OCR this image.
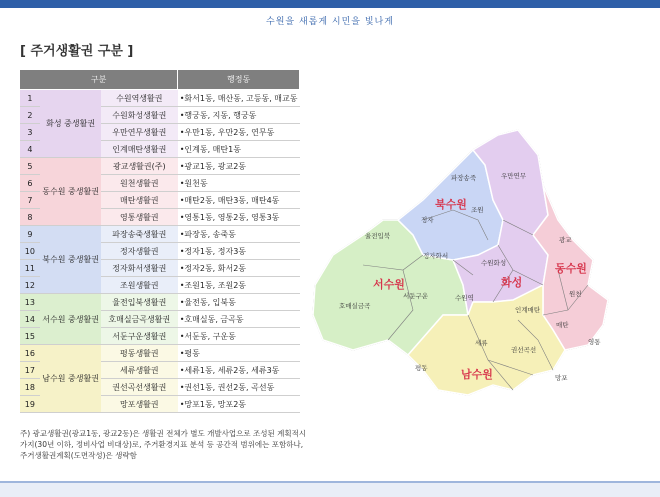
수원을 새롭게 시민을 빛나게
[ 주거생활권 구분 ]
구분			행정동
1	화성 중생활권	수원역생활권	•화서1동, 매산동, 고등동, 매교동
2		수원화성생활권	•행궁동, 지동, 행궁동
3		우만연무생활권	•우만1동, 우만2동, 연무동
4		인계매탄생활권	•인계동, 매탄1동
5	동수원 중생활권	광교생활권(주)	•광교1동, 광교2동
6		원천생활권	•원천동
7		매탄생활권	•매탄2동, 매탄3동, 매탄4동
8		영통생활권	•영통1동, 영통2동, 영통3동
9	북수원 중생활권	파장송죽생활권	•파장동, 송죽동
10		정자생활권	•정자1동, 정자3동
11		정자화서생활권	•정자2동, 화서2동
12		조원생활권	•조원1동, 조원2동
13	서수원 중생활권	율전입북생활권	•율전동, 입북동
14		호매실금곡생활권	•호매실동, 금곡동
15		서둔구운생활권	•서둔동, 구운동
16	남수원 중생활권	평동생활권	•평동
17		세류생활권	•세류1동, 세류2동, 세류3동
18		권선곡선생활권	•권선1동, 권선2동, 곡선동
19		망포생활권	•망포1동, 망포2동
북수원
화성
동수원
서수원
남수원
파장송죽	우만연무
정자
조원
율전입북
정자화서
수원화성
광교
호매실금곡
서둔구운	수원역	원천
인계매탄
매탄
영통
세류
권선곡선
평동
망포
주) 광교생활권(광교1동, 광교2동)은 생활권 전체가 별도 개발사업으로 조성된 계획적시가지(30년 이하, 정비사업 비대상)로, 주거환경지표 분석 등 공간적 범위에는 포함하나, 주거생활권계획(도면작성)은 생략함
